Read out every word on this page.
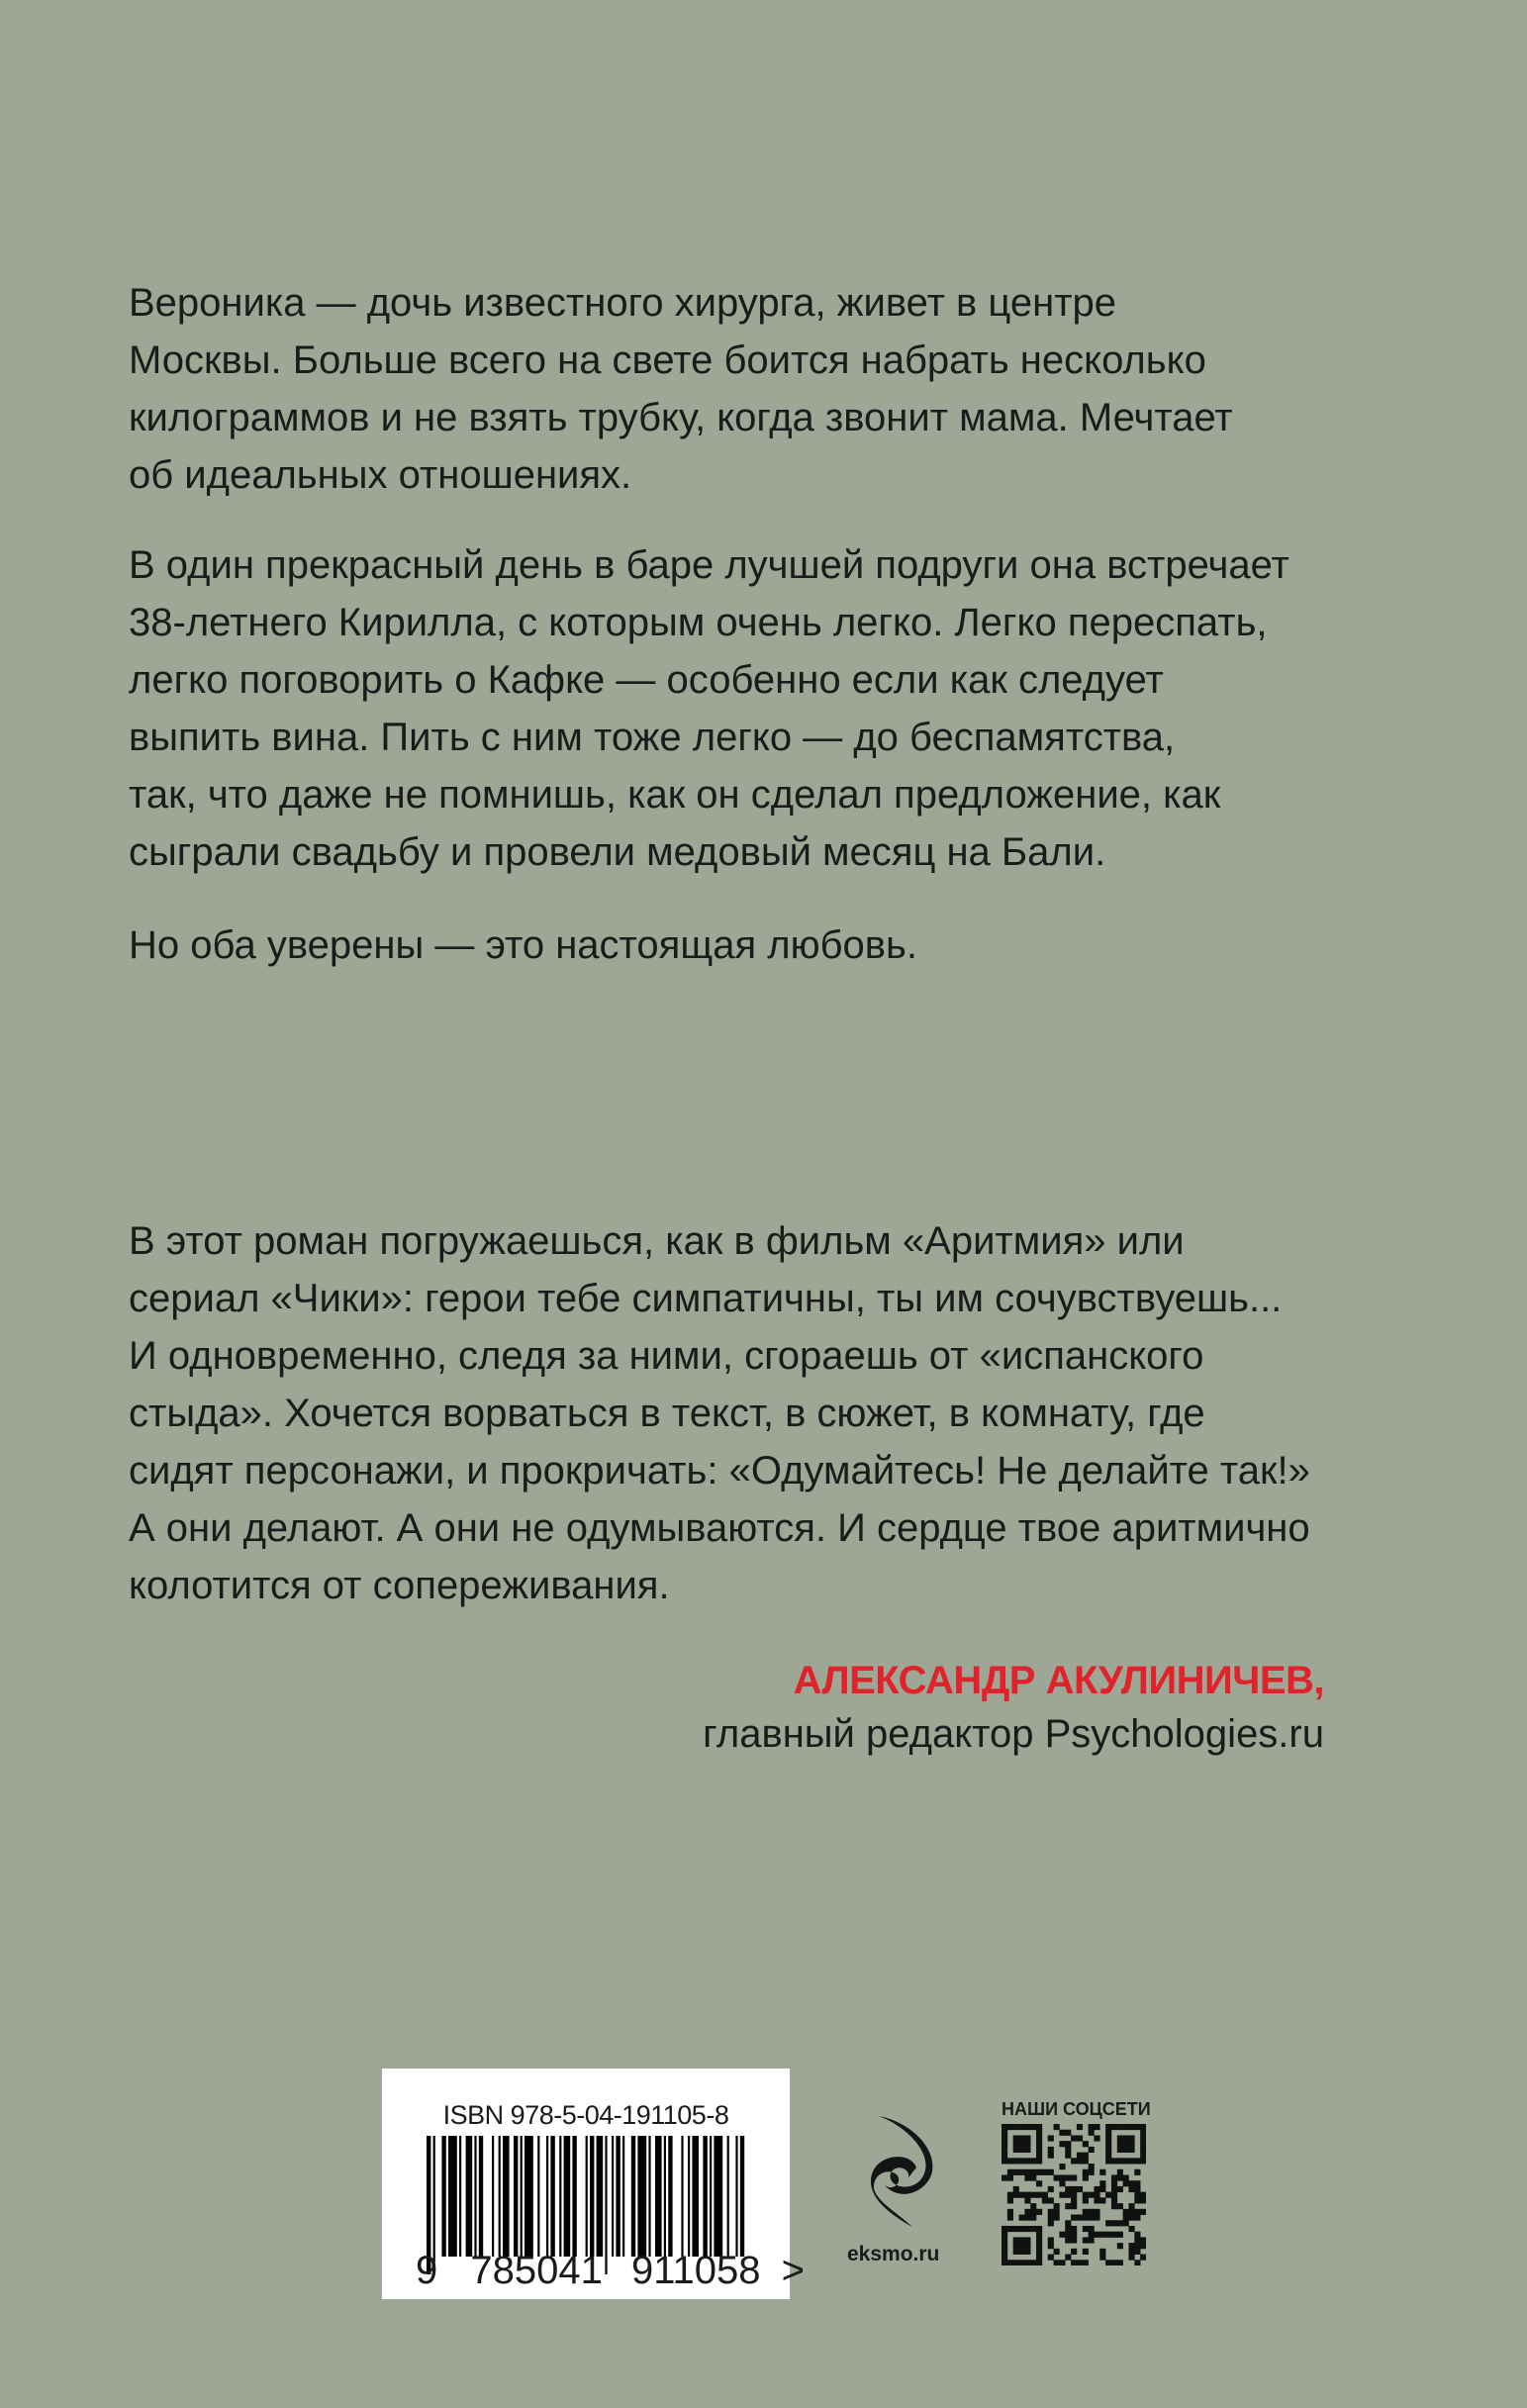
Вероника — дочь известного хирурга, живет в центре
Москвы. Больше всего на свете боится набрать несколько
килограммов и не взять трубку, когда звонит мама. Мечтает
об идеальных отношениях.
В один прекрасный день в баре лучшей подруги она встречает
38-летнего Кирилла, с которым очень легко. Легко переспать,
легко поговорить о Кафке — особенно если как следует
выпить вина. Пить с ним тоже легко — до беспамятства,
так, что даже не помнишь, как он сделал предложение, как
сыграли свадьбу и провели медовый месяц на Бали.
Но оба уверены — это настоящая любовь.
В этот роман погружаешься, как в фильм «Аритмия» или
сериал «Чики»: герои тебе симпатичны, ты им сочувствуешь...
И одновременно, следя за ними, сгораешь от «испанского
стыда». Хочется ворваться в текст, в сюжет, в комнату, где
сидят персонажи, и прокричать: «Одумайтесь! Не делайте так!»
А они делают. А они не одумываются. И сердце твое аритмично
колотится от сопереживания.
АЛЕКСАНДР АКУЛИНИЧЕВ,
главный редактор Psychologies.ru
ISBN 978-5-04-191105-8
9 785041 911058 > eksmo.ru
НАШИ СОЦСЕТИ
